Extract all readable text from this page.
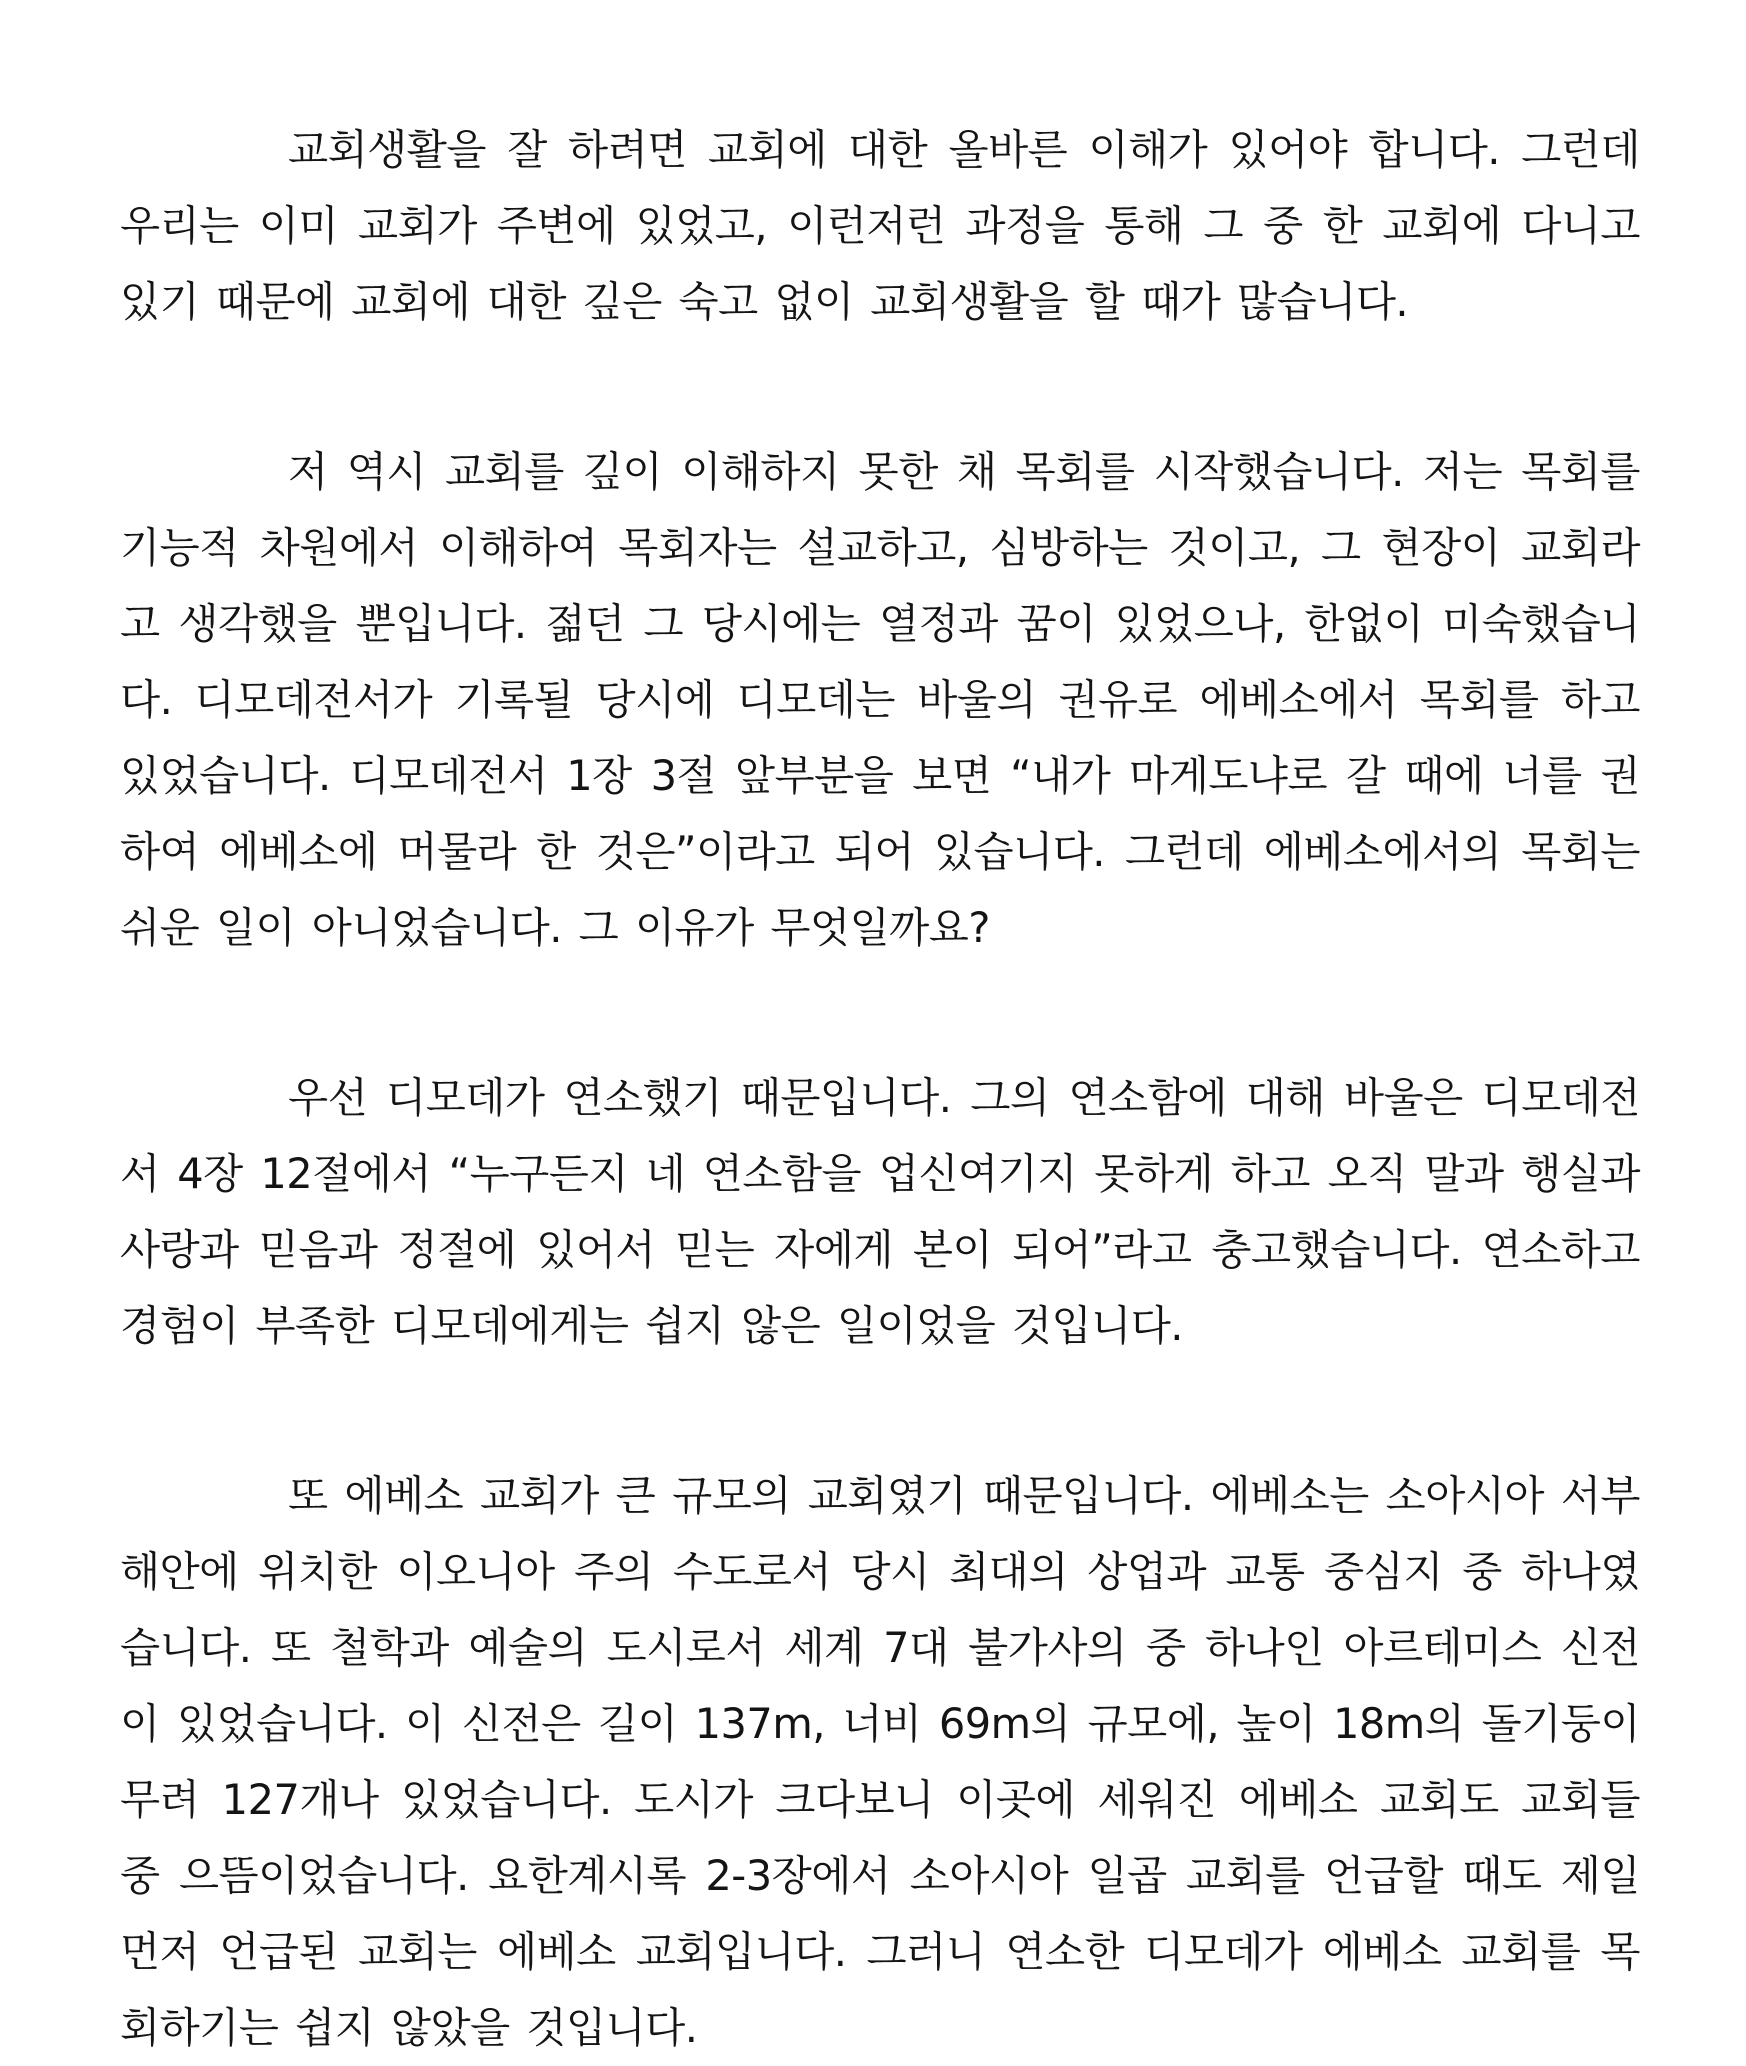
교회생활을 잘 하려면 교회에 대한 올바른 이해가 있어야 합니다. 그런데 우리는 이미 교회가 주변에 있었고, 이런저런 과정을 통해 그 중 한 교회에 다니고 있기 때문에 교회에 대한 깊은 숙고 없이 교회생활을 할 때가 많습니다.

저 역시 교회를 깊이 이해하지 못한 채 목회를 시작했습니다. 저는 목회를 기능적 차원에서 이해하여 목회자는 설교하고, 심방하는 것이고, 그 현장이 교회라고 생각했을 뿐입니다. 젊던 그 당시에는 열정과 꿈이 있었으나, 한없이 미숙했습니다. 디모데전서가 기록될 당시에 디모데는 바울의 권유로 에베소에서 목회를 하고 있었습니다. 디모데전서 1장 3절 앞부분을 보면 “내가 마게도냐로 갈 때에 너를 권하여 에베소에 머물라 한 것은”이라고 되어 있습니다. 그런데 에베소에서의 목회는 쉬운 일이 아니었습니다. 그 이유가 무엇일까요?

우선 디모데가 연소했기 때문입니다. 그의 연소함에 대해 바울은 디모데전서 4장 12절에서 “누구든지 네 연소함을 업신여기지 못하게 하고 오직 말과 행실과 사랑과 믿음과 정절에 있어서 믿는 자에게 본이 되어”라고 충고했습니다. 연소하고 경험이 부족한 디모데에게는 쉽지 않은 일이었을 것입니다.

또 에베소 교회가 큰 규모의 교회였기 때문입니다. 에베소는 소아시아 서부 해안에 위치한 이오니아 주의 수도로서 당시 최대의 상업과 교통 중심지 중 하나였습니다. 또 철학과 예술의 도시로서 세계 7대 불가사의 중 하나인 아르테미스 신전이 있었습니다. 이 신전은 길이 137m, 너비 69m의 규모에, 높이 18m의 돌기둥이 무려 127개나 있었습니다. 도시가 크다보니 이곳에 세워진 에베소 교회도 교회들 중 으뜸이었습니다. 요한계시록 2-3장에서 소아시아 일곱 교회를 언급할 때도 제일 먼저 언급된 교회는 에베소 교회입니다. 그러니 연소한 디모데가 에베소 교회를 목회하기는 쉽지 않았을 것입니다.
